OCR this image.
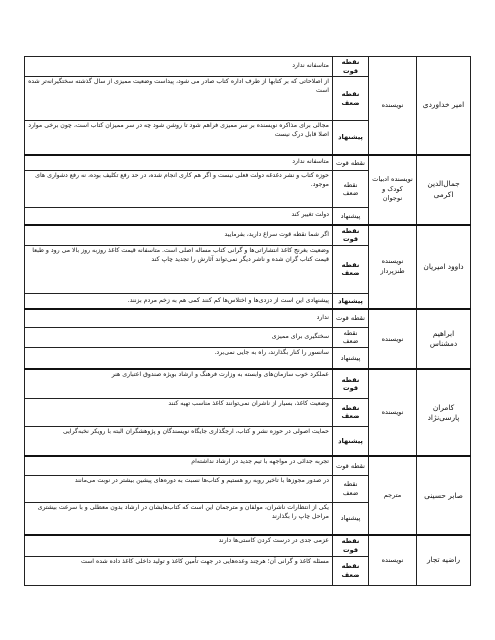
امیر خداوردی	نویسنده	نقطه قوت	متاسفانه ندارد
		نقطه ضعف	از اصلاحاتی که بر کتابها از طرف اداره کتاب صادر می شود، پیداست وضعیت ممیزی از سال گذشته سختگیرانه‌تر شده است
		پیشنهاد	مجالی برای مذاکره نویسنده بر سر ممیزی فراهم شود تا روشن شود چه در سر ممیزان کتاب است، چون برخی موارد اصلا قابل درک نیست
جمال‌الدین اکرمی	نویسنده ادبیات کودک و نوجوان	نقطه قوت	متاسفانه ندارد
		نقطه ضعف	حوزه کتاب و نشر دغدغه دولت فعلی نیست و اگر هم کاری انجام شده، در حد رفع تکلیف بوده، نه رفع دشواری های موجود.
		پیشنهاد	دولت تغییر کند
داوود امیریان	نویسنده طنزپرداز	نقطه قوت	اگر شما نقطه قوت سراغ دارید، بفرمایید
		نقطه ضعف	وضعیت بغرنج کاغذ انتشاراتی‌ها و گرانی کتاب مساله اصلی است. متاسفانه قیمت کاغذ روزبه روز بالا می رود و طبعا قیمت کتاب گران شده و ناشر دیگر نمی‌تواند آثارش را تجدید چاپ کند
		پیشنهاد	پیشنهادی این است از دزدی‌ها و اختلاس‌ها کم کنند کمی هم به زخم مردم بزنند.
ابراهیم دمشناس	نویسنده	نقطه قوت	ندارد
		نقطه ضعف	سختگیری برای ممیزی
		پیشنهاد	سانسور را کنار بگذارند، راه به جایی نمی‌برد.
کامران پارسی‌نژاد	نویسنده	نقطه قوت	عملکرد خوب سازمان‌های وابسته به وزارت فرهنگ و ارشاد بویژه صندوق اعتباری هنر
		نقطه ضعف	وضعیت کاغذ، بسیار از ناشران نمی‌توانند کاغذ مناسب تهیه کنند
		پیشنهاد	حمایت اصولی در حوزه نشر و کتاب، ارجگذاری جایگاه نویسندگان و پژوهشگران البته با رویکر نخبه‌گرایی
صابر حسینی	مترجم	نقطه قوت	تجربه جدائی در مواجهه با تیم جدید در ارشاد نداشته‌ام
		نقطه ضعف	در صدور مجوزها با تاخیر روبه رو هستیم و کتاب‌ها نسبت به دوره‌های پیشین بیشتر در نوبت می‌مانند
		پیشنهاد	یکی از انتظارات ناشران، مولفان و مترجمان این است که کتاب‌هایشان در ارشاد بدون معطلی و با سرعت بیشتری مراحل چاپ را بگذارند
راضیه تجار	نویسنده	نقطه قوت	عزمی جدی در درست کردن کاستی‌ها دارند
		نقطه ضعف	مسئله کاغذ و گرانی آن؛ هرچند وعده‌هایی در جهت تأمین کاغذ و تولید داخلی کاغذ داده شده است
